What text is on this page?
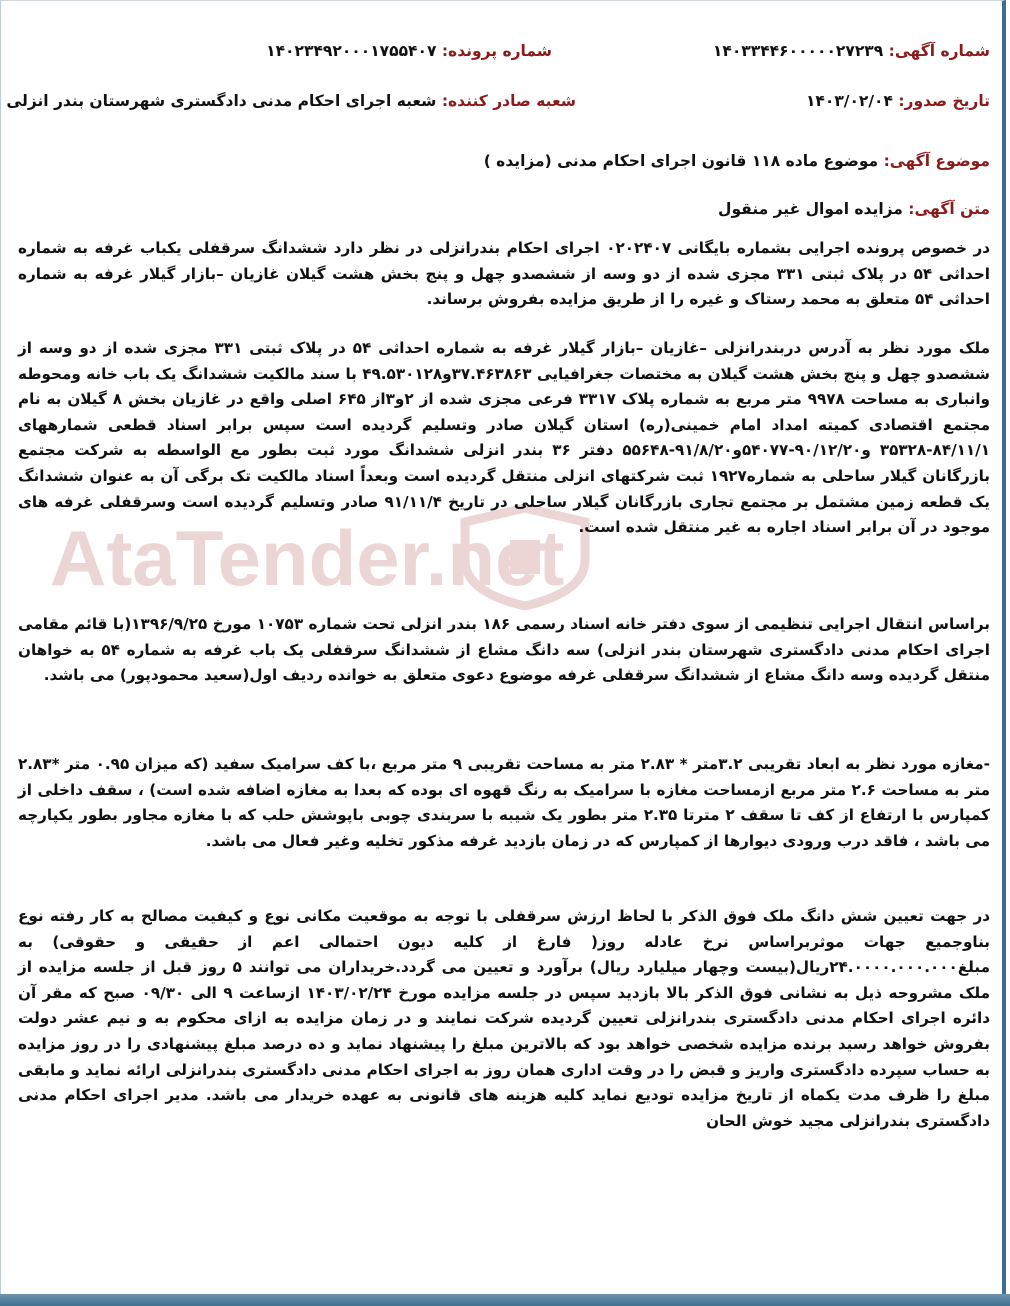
شماره آگهی: ۱۴۰۳۳۴۴۶۰۰۰۰۰۲۷۲۳۹
شماره پرونده: ۱۴۰۲۳۴۹۲۰۰۰۱۷۵۵۴۰۷
تاریخ صدور: ۱۴۰۳/۰۲/۰۴
شعبه صادر کننده: شعبه اجرای احکام مدنی دادگستری شهرستان بندر انزلی
موضوع آگهی: موضوع ماده ۱۱۸ قانون اجرای احکام مدنی (مزایده )
متن آگهی: مزایده اموال غیر منقول

در خصوص پرونده اجرایی بشماره بایگانی ۰۲۰۲۴۰۷ اجرای احکام بندرانزلی در نظر دارد ششدانگ سرقفلی یکباب غرفه به شماره احداثی ۵۴ در پلاک ثبتی ۳۳۱ مجزی شده از دو وسه از ششصدو چهل و پنج بخش هشت گیلان غازیان –بازار گیلار غرفه به شماره احداثی ۵۴ متعلق به محمد رستاک و غیره را از طریق مزایده بفروش برساند.

ملک مورد نظر به آدرس دربندرانزلی –غازیان –بازار گیلار غرفه به شماره احداثی ۵۴ در پلاک ثبتی ۳۳۱ مجزی شده از دو وسه از ششصدو چهل و پنج بخش هشت گیلان به مختصات جغرافیایی ۳۷.۴۶۳۸۶۳و۴۹.۵۳۰۱۲۸ با سند مالکیت ششدانگ یک باب خانه ومحوطه وانباری به مساحت ۹۹۷۸ متر مربع به شماره پلاک ۳۳۱۷ فرعی مجزی شده از ۲و۳از ۶۴۵ اصلی واقع در غازیان بخش ۸ گیلان به نام مجتمع اقتصادی کمیته امداد امام خمینی(ره) استان گیلان صادر وتسلیم گردیده است سپس برابر اسناد قطعی شمارههای ۸۴/۱۱/۱-۳۵۳۲۸ و۹۰/۱۲/۲۰-۵۴۰۷۷و۹۱/۸/۲۰-۵۵۶۴۸ دفتر ۳۶ بندر انزلی ششدانگ مورد ثبت بطور مع الواسطه به شرکت مجتمع بازرگانان گیلار ساحلی به شماره۱۹۲۷ ثبت شرکتهای انزلی منتقل گردیده است وبعداً اسناد مالکیت تک برگی آن به عنوان ششدانگ یک قطعه زمین مشتمل بر مجتمع تجاری بازرگانان گیلار ساحلی در تاریخ ۹۱/۱۱/۴ صادر وتسلیم گردیده است وسرقفلی غرفه های موجود در آن برابر اسناد اجاره به غیر منتقل شده است.

براساس انتقال اجرایی تنظیمی از سوی دفتر خانه اسناد رسمی ۱۸۶ بندر انزلی تحت شماره ۱۰۷۵۳ مورخ ۱۳۹۶/۹/۲۵(با قائم مقامی اجرای احکام مدنی دادگستری شهرستان بندر انزلی) سه دانگ مشاع از ششدانگ سرقفلی یک باب غرفه به شماره ۵۴ به خواهان منتقل گردیده وسه دانگ مشاع از ششدانگ سرقفلی غرفه موضوع دعوی متعلق به خوانده ردیف اول(سعید محمودپور) می باشد.

-مغازه مورد نظر به ابعاد تقریبی ۳.۲متر * ۲.۸۳ متر به مساحت تقریبی ۹ متر مربع ،با کف سرامیک سفید (که میزان ۰.۹۵ متر *۲.۸۳ متر به مساحت ۲.۶ متر مربع ازمساحت مغازه با سرامیک به رنگ قهوه ای بوده که بعدا به مغازه اضافه شده است) ، سقف داخلی از کمپارس با ارتفاع از کف تا سقف ۲ مترتا ۲.۳۵ متر بطور یک شیبه با سربندی چوبی باپوشش حلب که با مغازه مجاور بطور یکپارچه می باشد ، فاقد درب ورودی دیوارها از کمپارس که در زمان بازدید غرفه مذکور تخلیه وغیر فعال می باشد.

در جهت تعیین شش دانگ ملک فوق الذکر با لحاظ ارزش سرقفلی با توجه به موقعیت مکانی نوع و کیفیت مصالح به کار رفته نوع بناوجمیع جهات موثربراساس نرخ عادله روز( فارغ از کلیه دیون احتمالی اعم از حقیقی و حقوقی) به مبلغ۲۴.۰۰۰۰.۰۰۰.۰۰۰ریال(بیست وچهار میلیارد ریال) برآورد و تعیین می گردد.خریداران می توانند ۵ روز قبل از جلسه مزایده از ملک مشروحه ذیل به نشانی فوق الذکر بالا بازدید سپس در جلسه مزایده مورخ ۱۴۰۳/۰۲/۲۴ ازساعت ۹ الی ۰۹/۳۰ صبح که مقر آن دائره اجرای احکام مدنی دادگستری بندرانزلی تعیین گردیده شرکت نمایند و در زمان مزایده به ازای محکوم به و نیم عشر دولت بفروش خواهد رسید برنده مزایده شخصی خواهد بود که بالاترین مبلغ را پیشنهاد نماید و ده درصد مبلغ پیشنهادی را در روز مزایده به حساب سپرده دادگستری واریز و قبض را در وقت اداری همان روز به اجرای احکام مدنی دادگستری بندرانزلی ارائه نماید و مابقی مبلغ را ظرف مدت یکماه از تاریخ مزایده تودیع نماید کلیه هزینه های قانونی به عهده خریدار می باشد. مدیر اجرای احکام مدنی دادگستری بندرانزلی مجید خوش الحان
